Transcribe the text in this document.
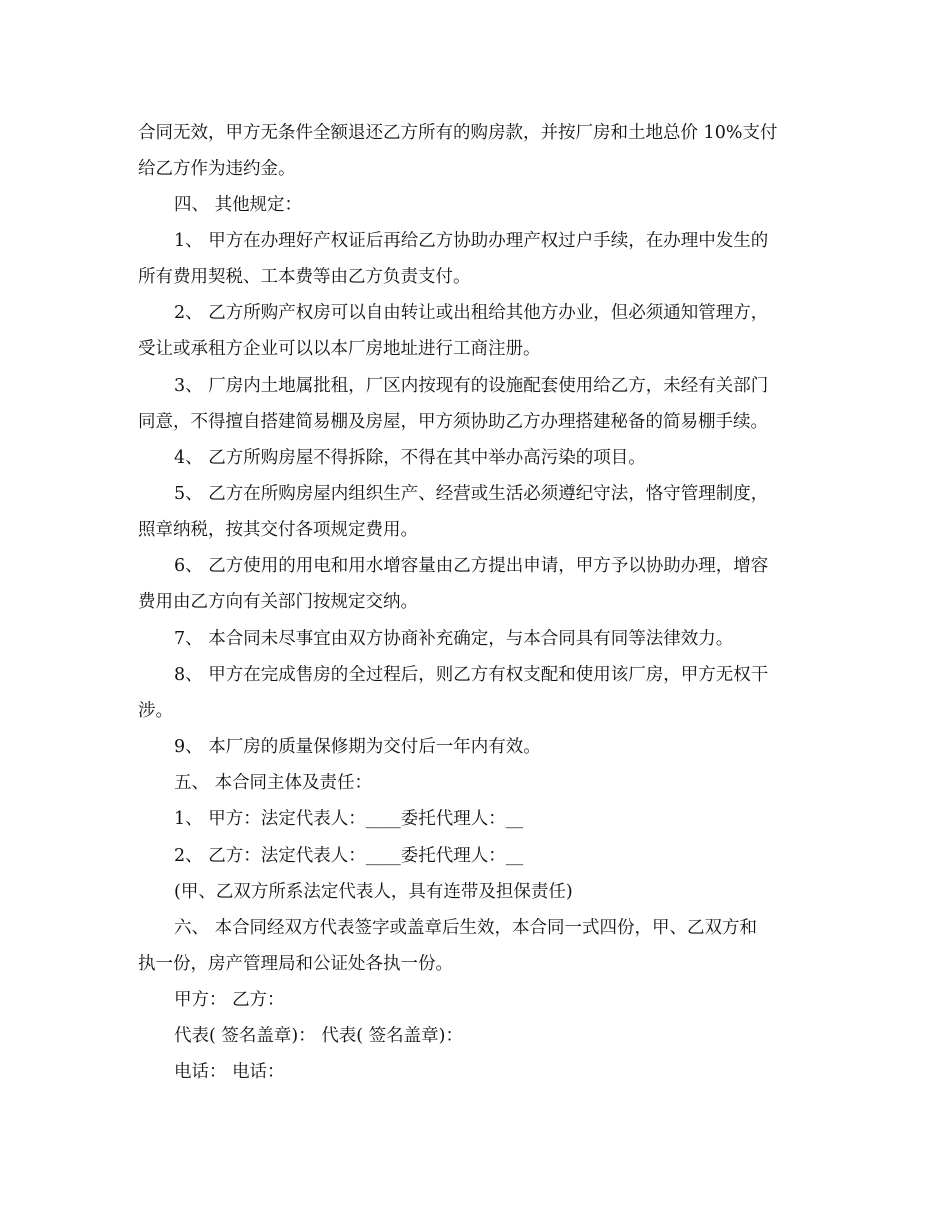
合同无效，甲方无条件全额退还乙方所有的购房款，并按厂房和土地总价 10%支付
给乙方作为违约金。
四、 其他规定：
1、 甲方在办理好产权证后再给乙方协助办理产权过户手续，在办理中发生的
所有费用契税、工本费等由乙方负责支付。
2、 乙方所购产权房可以自由转让或出租给其他方办业，但必须通知管理方，
受让或承租方企业可以以本厂房地址进行工商注册。
3、 厂房内土地属批租，厂区内按现有的设施配套使用给乙方，未经有关部门
同意，不得擅自搭建简易棚及房屋，甲方须协助乙方办理搭建秘备的简易棚手续。
4、 乙方所购房屋不得拆除，不得在其中举办高污染的项目。
5、 乙方在所购房屋内组织生产、经营或生活必须遵纪守法，恪守管理制度，
照章纳税，按其交付各项规定费用。
6、 乙方使用的用电和用水增容量由乙方提出申请，甲方予以协助办理，增容
费用由乙方向有关部门按规定交纳。
7、 本合同未尽事宜由双方协商补充确定，与本合同具有同等法律效力。
8、 甲方在完成售房的全过程后，则乙方有权支配和使用该厂房，甲方无权干
涉。
9、 本厂房的质量保修期为交付后一年内有效。
五、 本合同主体及责任：
1、 甲方：法定代表人：____委托代理人：__
2、 乙方：法定代表人：____委托代理人：__
(甲、乙双方所系法定代表人，具有连带及担保责任)
六、 本合同经双方代表签字或盖章后生效，本合同一式四份，甲、乙双方和
执一份，房产管理局和公证处各执一份。
甲方： 乙方：
代表( 签名盖章)： 代表( 签名盖章)：
电话： 电话：
